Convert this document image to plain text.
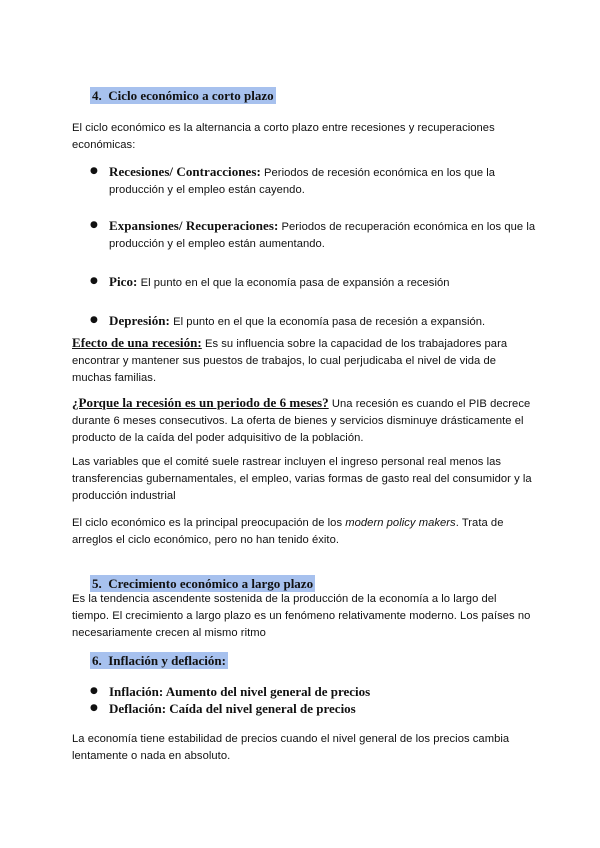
4. Ciclo económico a corto plazo
El ciclo económico es la alternancia a corto plazo entre recesiones y recuperaciones económicas:
● Recesiones/ Contracciones: Periodos de recesión económica en los que la producción y el empleo están cayendo.
● Expansiones/ Recuperaciones: Periodos de recuperación económica en los que la producción y el empleo están aumentando.
● Pico: El punto en el que la economía pasa de expansión a recesión
● Depresión: El punto en el que la economía pasa de recesión a expansión.
Efecto de una recesión: Es su influencia sobre la capacidad de los trabajadores para encontrar y mantener sus puestos de trabajos, lo cual perjudicaba el nivel de vida de muchas familias.
¿Porque la recesión es un periodo de 6 meses? Una recesión es cuando el PIB decrece durante 6 meses consecutivos. La oferta de bienes y servicios disminuye drásticamente el producto de la caída del poder adquisitivo de la población.
Las variables que el comité suele rastrear incluyen el ingreso personal real menos las transferencias gubernamentales, el empleo, varias formas de gasto real del consumidor y la producción industrial
El ciclo económico es la principal preocupación de los modern policy makers. Trata de arreglos el ciclo económico, pero no han tenido éxito.
5. Crecimiento económico a largo plazo
Es la tendencia ascendente sostenida de la producción de la economía a lo largo del tiempo. El crecimiento a largo plazo es un fenómeno relativamente moderno. Los países no necesariamente crecen al mismo ritmo
6. Inflación y deflación:
● Inflación: Aumento del nivel general de precios
● Deflación: Caída del nivel general de precios
La economía tiene estabilidad de precios cuando el nivel general de los precios cambia lentamente o nada en absoluto.
